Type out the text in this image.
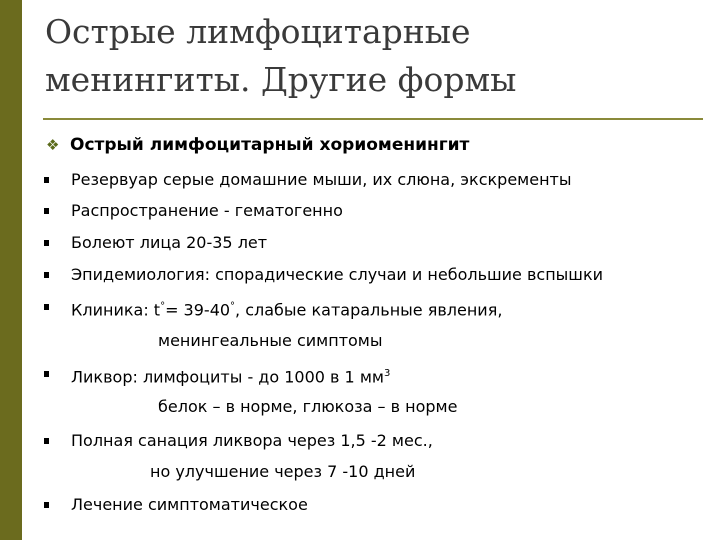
Острые лимфоцитарные
менингиты. Другие формы
❖ Острый лимфоцитарный хориоменингит
Резервуар серые домашние мыши, их слюна, экскременты
Распространение - гематогенно
Болеют лица 20-35 лет
Эпидемиология: спорадические случаи и небольшие вспышки
Клиника: t°= 39-40°, слабые катаральные явления,
менингеальные симптомы
Ликвор: лимфоциты - до 1000 в 1 $мм^3$
белок – в норме, глюкоза – в норме
Полная санация ликвора через 1,5 -2 мес.,
но улучшение через 7 -10 дней
Лечение симптоматическое
